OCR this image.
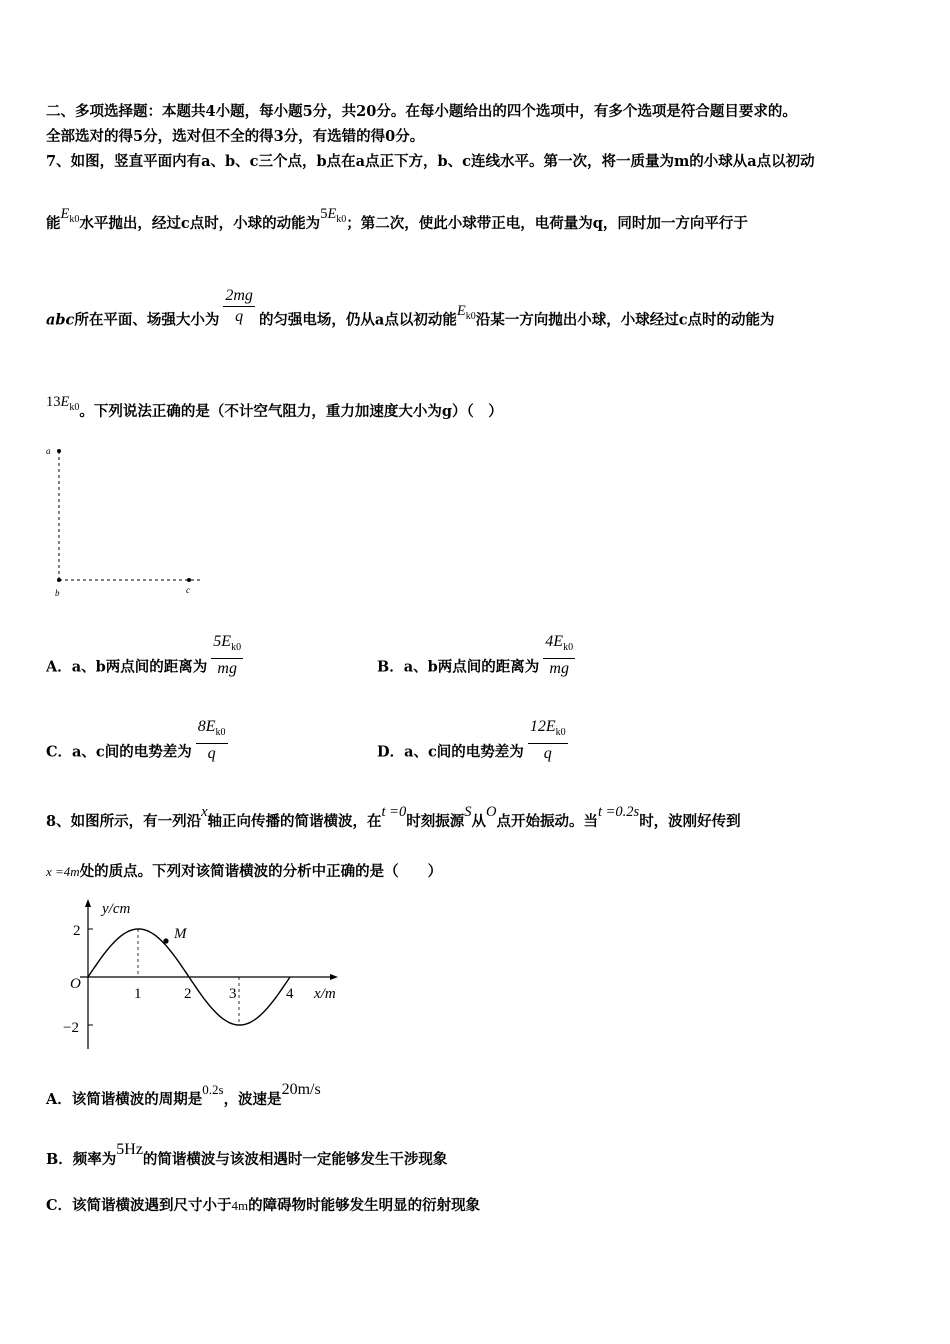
二、多项选择题：本题共4小题，每小题5分，共20分。在每小题给出的四个选项中，有多个选项是符合题目要求的。
全部选对的得5分，选对但不全的得3分，有选错的得0分。
7、如图，竖直平面内有a、b、c三个点，b点在a点正下方，b、c连线水平。第一次，将一质量为m的小球从a点以初动
能$E_{k0}$水平抛出，经过c点时，小球的动能为$5E_{k0}$；第二次，使此小球带正电，电荷量为q，同时加一方向平行于
abc所在平面、场强大小为 $\frac{2mg}{q}$ 的匀强电场，仍从a点以初动能$E_{k0}$沿某一方向抛出小球，小球经过c点时的动能为
$13E_{k0}$。下列说法正确的是（不计空气阻力，重力加速度大小为g）（　）
a
b	c
A．a、b两点间的距离为 $\frac{5E_{k0}}{mg}$	B．a、b两点间的距离为 $\frac{4E_{k0}}{mg}$
C．a、c间的电势差为 $\frac{8E_{k0}}{q}$	D．a、c间的电势差为 $\frac{12E_{k0}}{q}$
8、如图所示，有一列沿x轴正向传播的简谐横波，在t =0时刻振源S从O点开始振动。当t =0.2s时，波刚好传到
x =4m处的质点。下列对该简谐横波的分析中正确的是（　　）
y/cm
x/m
O
M
2
−2
1	2	3	4
A．该简谐横波的周期是0.2s，波速是20m/s
B．频率为5Hz的简谐横波与该波相遇时一定能够发生干涉现象
C．该简谐横波遇到尺寸小于4m的障碍物时能够发生明显的衍射现象
